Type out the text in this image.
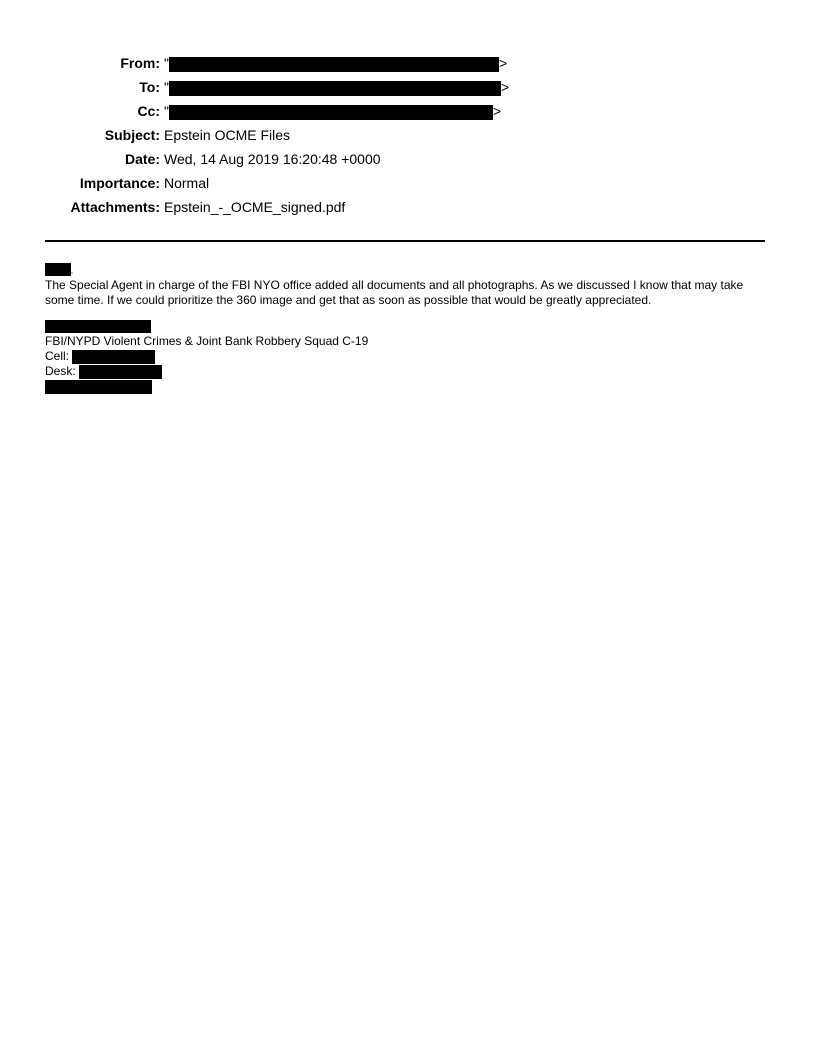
From: "	>
To: "	>
Cc: "	>
Subject: Epstein OCME Files
Date: Wed, 14 Aug 2019 16:20:48 +0000
Importance: Normal
Attachments: Epstein_-_OCME_signed.pdf
,
The Special Agent in charge of the FBI NYO office added all documents and all photographs. As we discussed I know that may take some time. If we could prioritize the 360 image and get that as soon as possible that would be greatly appreciated.
FBI/NYPD Violent Crimes & Joint Bank Robbery Squad C-19
Cell:
Desk:
